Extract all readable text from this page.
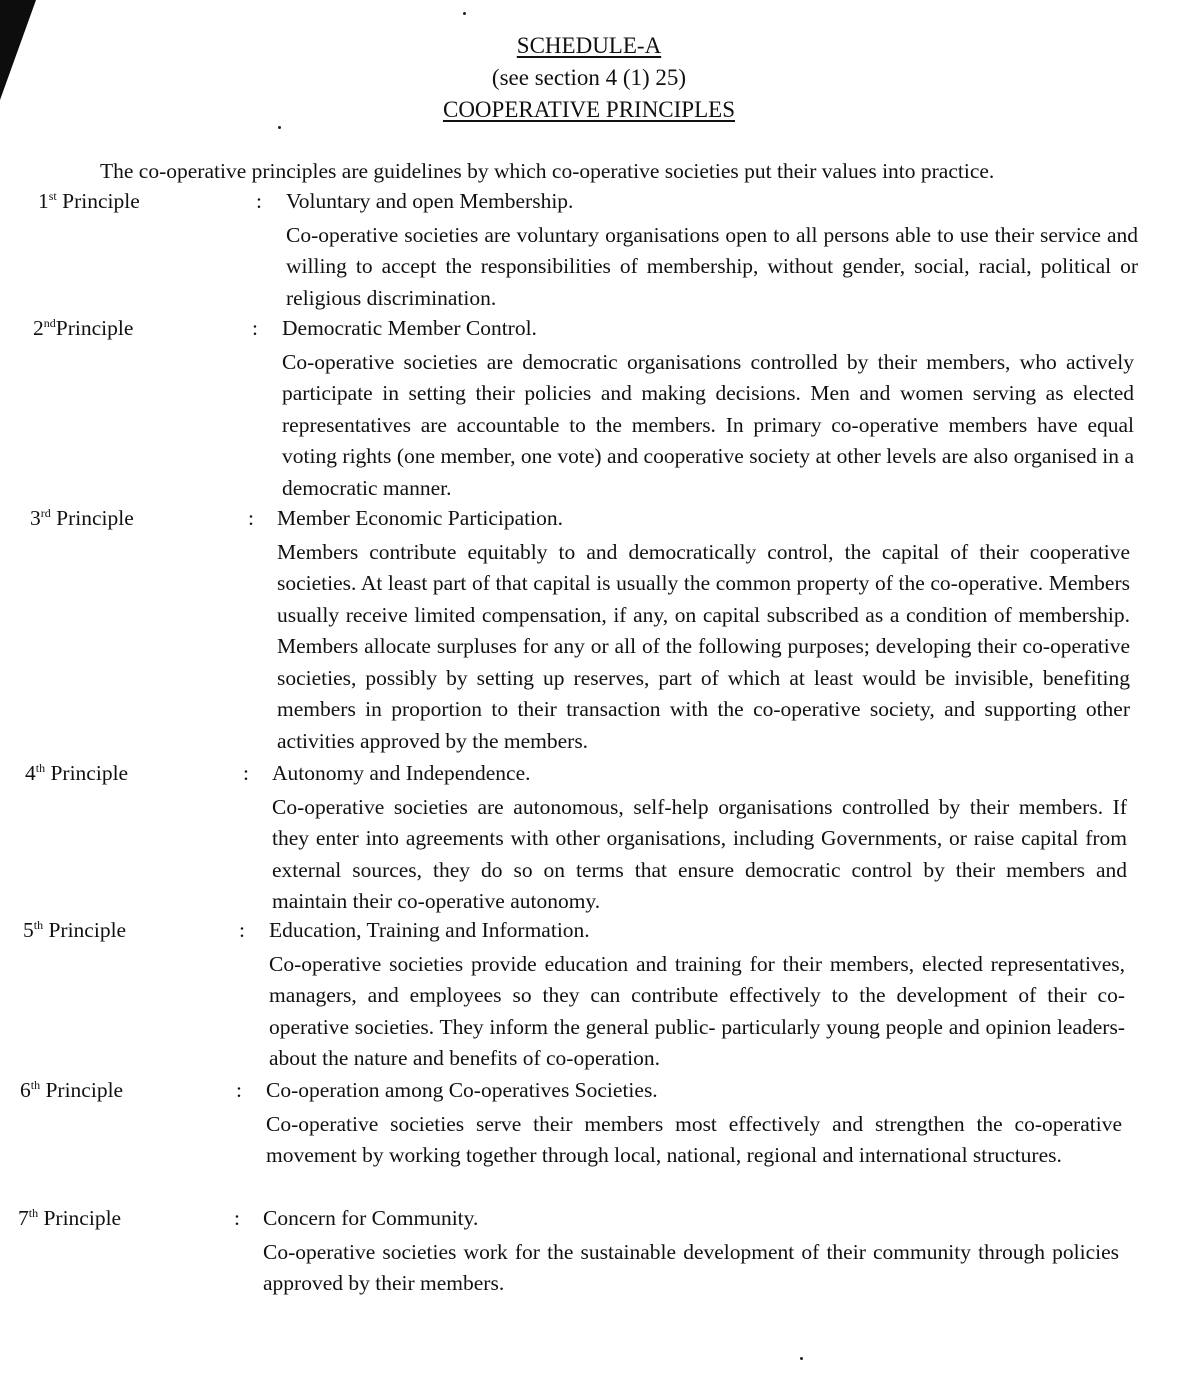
SCHEDULE-A
(see section 4 (1) 25)
COOPERATIVE PRINCIPLES
The co-operative principles are guidelines by which co-operative societies put their values into practice.
1st Principle	: Voluntary and open Membership.
Co-operative societies are voluntary organisations open to all persons able to use their service and willing to accept the responsibilities of membership, without gender, social, racial, political or religious discrimination.
2ndPrinciple	: Democratic Member Control.
Co-operative societies are democratic organisations controlled by their members, who actively participate in setting their policies and making decisions. Men and women serving as elected representatives are accountable to the members. In primary co-operative members have equal voting rights (one member, one vote) and cooperative society at other levels are also organised in a democratic manner.
3rd Principle	: Member Economic Participation.
Members contribute equitably to and democratically control, the capital of their cooperative societies. At least part of that capital is usually the common property of the co-operative. Members usually receive limited compensation, if any, on capital subscribed as a condition of membership. Members allocate surpluses for any or all of the following purposes; developing their co-operative societies, possibly by setting up reserves, part of which at least would be invisible, benefiting members in proportion to their transaction with the co-operative society, and supporting other activities approved by the members.
4th Principle	: Autonomy and Independence.
Co-operative societies are autonomous, self-help organisations controlled by their members. If they enter into agreements with other organisations, including Governments, or raise capital from external sources, they do so on terms that ensure democratic control by their members and maintain their co-operative autonomy.
5th Principle	: Education, Training and Information.
Co-operative societies provide education and training for their members, elected representatives, managers, and employees so they can contribute effectively to the development of their co-operative societies. They inform the general public- particularly young people and opinion leaders- about the nature and benefits of co-operation.
6th Principle	: Co-operation among Co-operatives Societies.
Co-operative societies serve their members most effectively and strengthen the co-operative movement by working together through local, national, regional and international structures.
7th Principle	: Concern for Community.
Co-operative societies work for the sustainable development of their community through policies approved by their members.
